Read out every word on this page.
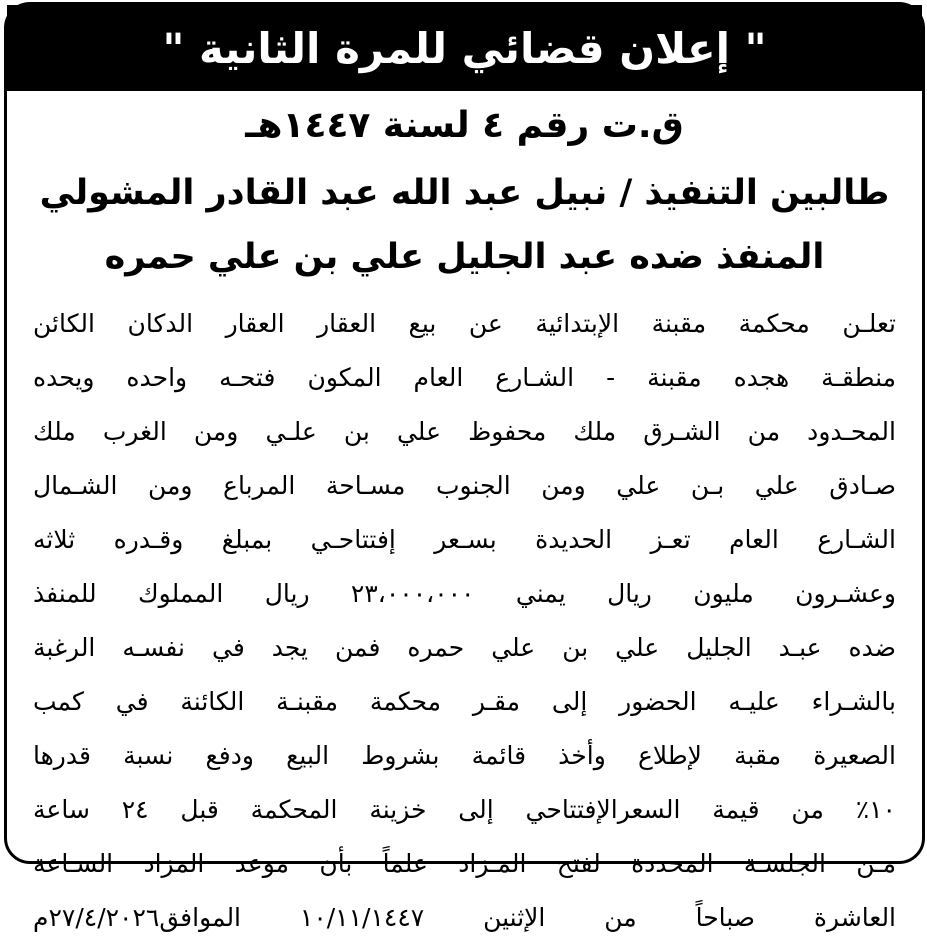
" إعلان قضائي للمرة الثانية "
ق.ت رقم ٤ لسنة ١٤٤٧هـ
طالبين التنفيذ / نبيل عبد الله عبد القادر المشولي
المنفذ ضده عبد الجليل علي بن علي حمره
تعلـن محكمة مقبنة الإبتدائية عن بيع العقار العقار الدكان الكائن
منطقـة هجده مقبنة - الشـارع العام المكون فتحـه واحده ويحده
المحـدود من الشـرق ملك محفوظ علي بن علـي ومن الغرب ملك
صـادق علي بـن علي ومن الجنوب مسـاحة المرباع ومن الشـمال
الشـارع العام تعـز الحديدة بسـعر إفتتاحـي بمبلغ وقـدره ثلاثه
وعشـرون مليون ريال يمني ٢٣،٠٠٠،٠٠٠ ريال المملوك للمنفذ
ضده عبـد الجليل علي بن علي حمره فمن يجد في نفسـه الرغبة
بالشـراء عليـه الحضور إلى مقـر محكمة مقبنـة الكائنة في كمب
الصعيرة مقبة لإطلاع وأخذ قائمة بشروط البيع ودفع نسبة قدرها
١٠٪ من قيمة السعرالإفتتاحي إلى خزينة المحكمة قبل ٢٤ ساعة
مـن الجلسـة المحددة لفتح المـزاد علماً بأن موعد المزاد السـاعة
العاشرة صباحاً من الإثنين ١٠/١١/١٤٤٧ الموافق٢٧/٤/٢٠٢٦م
